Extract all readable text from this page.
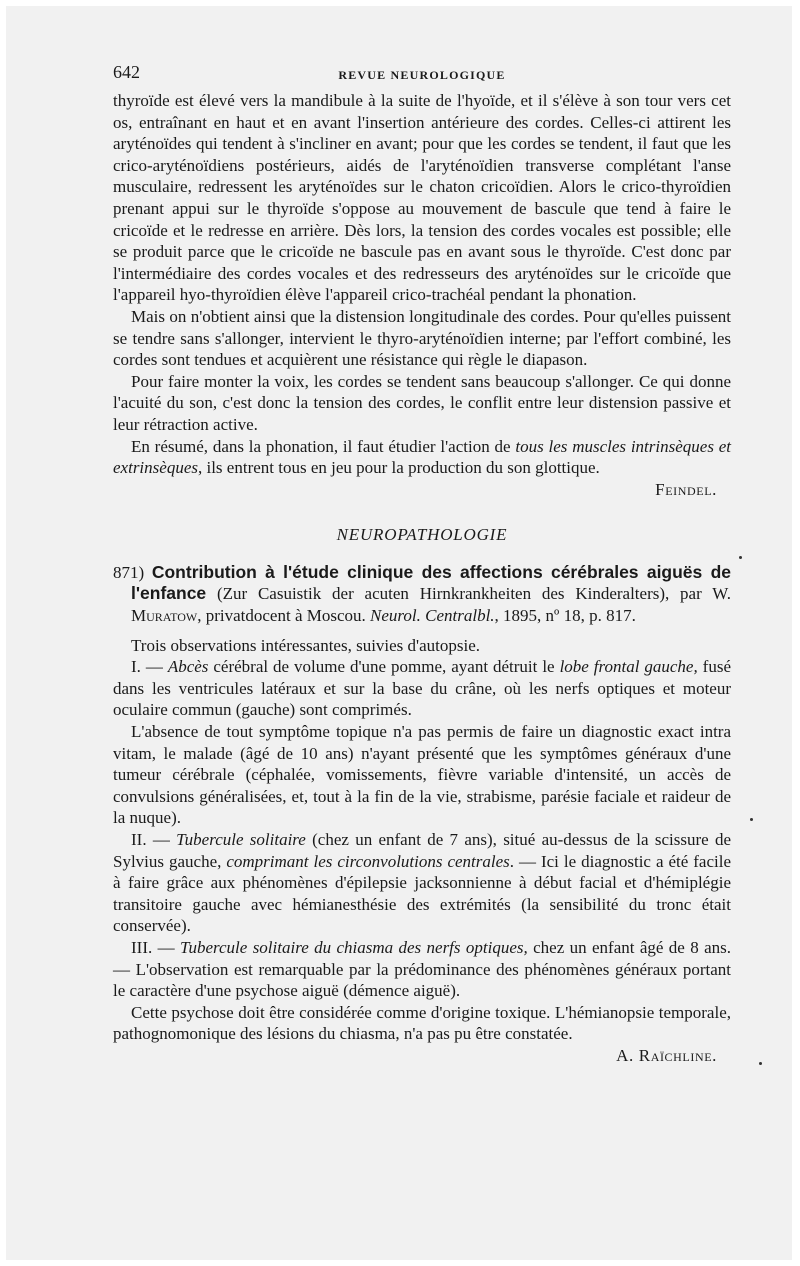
642	REVUE NEUROLOGIQUE

thyroïde est élevé vers la mandibule à la suite de l'hyoïde, et il s'élève à son tour vers cet os, entraînant en haut et en avant l'insertion antérieure des cordes. Celles-ci attirent les aryténoïdes qui tendent à s'incliner en avant; pour que les cordes se tendent, il faut que les crico-aryténoïdiens postérieurs, aidés de l'aryténoïdien transverse complétant l'anse musculaire, redressent les aryténoïdes sur le chaton cricoïdien. Alors le crico-thyroïdien prenant appui sur le thyroïde s'oppose au mouvement de bascule que tend à faire le cricoïde et le redresse en arrière. Dès lors, la tension des cordes vocales est possible; elle se produit parce que le cricoïde ne bascule pas en avant sous le thyroïde. C'est donc par l'intermédiaire des cordes vocales et des redresseurs des aryténoïdes sur le cricoïde que l'appareil hyo-thyroïdien élève l'appareil crico-trachéal pendant la phonation.

Mais on n'obtient ainsi que la distension longitudinale des cordes. Pour qu'elles puissent se tendre sans s'allonger, intervient le thyro-aryténoïdien interne; par l'effort combiné, les cordes sont tendues et acquièrent une résistance qui règle le diapason.

Pour faire monter la voix, les cordes se tendent sans beaucoup s'allonger. Ce qui donne l'acuité du son, c'est donc la tension des cordes, le conflit entre leur distension passive et leur rétraction active.

En résumé, dans la phonation, il faut étudier l'action de tous les muscles intrinsèques et extrinsèques, ils entrent tous en jeu pour la production du son glottique.

Feindel.

NEUROPATHOLOGIE

871) Contribution à l'étude clinique des affections cérébrales aiguës de l'enfance (Zur Casuistik der acuten Hirnkrankheiten des Kinderalters), par W. Muratow, privatdocent à Moscou. Neurol. Centralbl., 1895, nº 18, p. 817.

Trois observations intéressantes, suivies d'autopsie.

I. — Abcès cérébral de volume d'une pomme, ayant détruit le lobe frontal gauche, fusé dans les ventricules latéraux et sur la base du crâne, où les nerfs optiques et moteur oculaire commun (gauche) sont comprimés.

L'absence de tout symptôme topique n'a pas permis de faire un diagnostic exact intra vitam, le malade (âgé de 10 ans) n'ayant présenté que les symptômes généraux d'une tumeur cérébrale (céphalée, vomissements, fièvre variable d'intensité, un accès de convulsions généralisées, et, tout à la fin de la vie, strabisme, parésie faciale et raideur de la nuque).

II. — Tubercule solitaire (chez un enfant de 7 ans), situé au-dessus de la scissure de Sylvius gauche, comprimant les circonvolutions centrales. — Ici le diagnostic a été facile à faire grâce aux phénomènes d'épilepsie jacksonnienne à début facial et d'hémiplégie transitoire gauche avec hémianesthésie des extrémités (la sensibilité du tronc était conservée).

III. — Tubercule solitaire du chiasma des nerfs optiques, chez un enfant âgé de 8 ans. — L'observation est remarquable par la prédominance des phénomènes généraux portant le caractère d'une psychose aiguë (démence aiguë).

Cette psychose doit être considérée comme d'origine toxique. L'hémianopsie temporale, pathognomonique des lésions du chiasma, n'a pas pu être constatée.

A. Raïchline.
